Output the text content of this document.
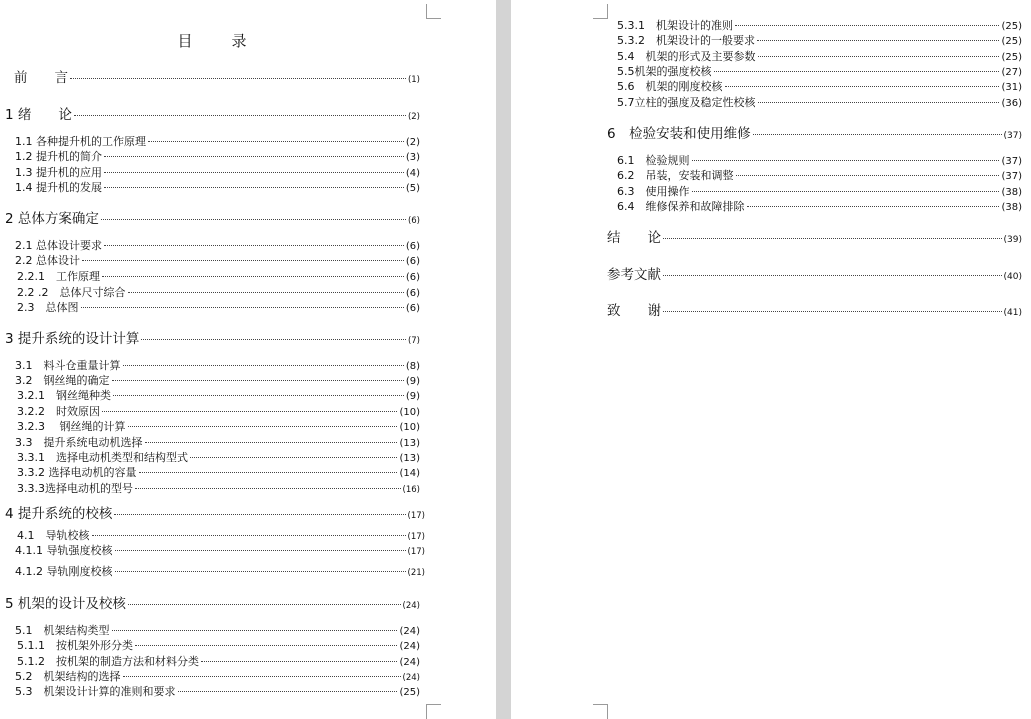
目　录
前　　言	(1)
1 绪　　论	(2)
1.1 各种提升机的工作原理	(2)
1.2 提升机的简介	(3)
1.3 提升机的应用	(4)
1.4 提升机的发展	(5)
2 总体方案确定	(6)
2.1 总体设计要求	(6)
2.2 总体设计	(6)
2.2.1　工作原理	(6)
2.2 .2　总体尺寸综合	(6)
2.3　总体图	(6)
3 提升系统的设计计算	(7)
3.1　料斗仓重量计算	(8)
3.2　钢丝绳的确定	(9)
3.2.1　钢丝绳种类	(9)
3.2.2　时效原因	(10)
3.2.3　 钢丝绳的计算	(10)
3.3　提升系统电动机选择	(13)
3.3.1　选择电动机类型和结构型式	(13)
3.3.2 选择电动机的容量	(14)
3.3.3选择电动机的型号	(16)
4 提升系统的校核	(17)
4.1　导轨校核	(17)
4.1.1 导轨强度校核	(17)
4.1.2 导轨刚度校核	(21)
5 机架的设计及校核	(24)
5.1　机架结构类型	(24)
5.1.1　按机架外形分类	(24)
5.1.2　按机架的制造方法和材料分类	(24)
5.2　机架结构的选择	(24)
5.3　机架设计计算的准则和要求	(25)
5.3.1　机架设计的准则	(25)
5.3.2　机架设计的一般要求	(25)
5.4　机架的形式及主要参数	(25)
5.5机架的强度校核	(27)
5.6　机架的刚度校核	(31)
5.7立柱的强度及稳定性校核	(36)
6　检验安装和使用维修	(37)
6.1　检验规则	(37)
6.2　吊装，安装和调整	(37)
6.3　使用操作	(38)
6.4　维修保养和故障排除	(38)
结　　论	(39)
参考文献	(40)
致　　谢	(41)
